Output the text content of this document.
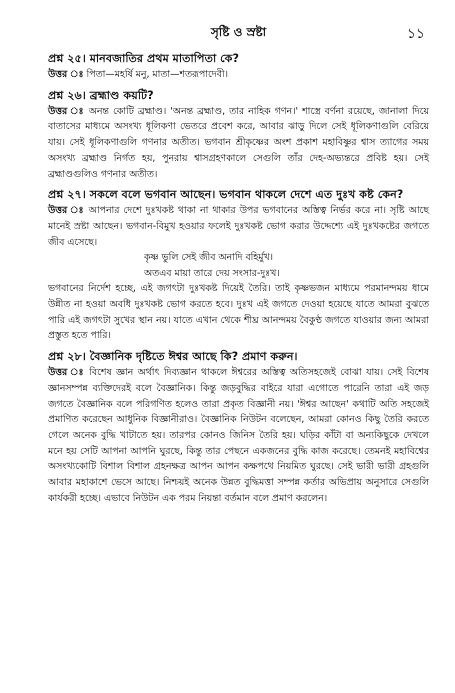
সৃষ্টি ও স্রষ্টা	১১
প্রশ্ন ২৫। মানবজাতির প্রথম মাতাপিতা কে?
উত্তর ঃ পিতা—মহর্ষি মনু, মাতা—শতরূপাদেবী।
প্রশ্ন ২৬। ব্রহ্মাণ্ড কয়টি?
উত্তর ঃ অনন্ত কোটি ব্রহ্মাণ্ড। 'অনন্ত ব্রহ্মাণ্ড, তার নাহিক গণন।' শাস্ত্রে বর্ণনা রয়েছে, জানালা দিয়ে বাতাসের মাধ্যমে অসংখ্য ধূলিকণা ভেতরে প্রবেশ করে, আবার ঝাড়ু দিলে সেই ধূলিকণাগুলি বেরিয়ে যায়। সেই ধূলিকণাগুলি গণনার অতীত। ভগবান শ্রীকৃষ্ণের অংশ প্রকাশ মহাবিষ্ণুর শ্বাস ত্যাগের সময় অসংখ্য ব্রহ্মাণ্ড নির্গত হয়, পুনরায় শ্বাসগ্রহণকালে সেগুলি তাঁর দেহ-অভ্যন্তরে প্রবিষ্ট হয়। সেই ব্রহ্মাণ্ডগুলিও গণনার অতীত।
প্রশ্ন ২৭। সকলে বলে ভগবান আছেন। ভগবান থাকলে দেশে এত দুঃখ কষ্ট কেন?
উত্তর ঃ আপনার দেশে দুঃখকষ্ট থাকা না থাকার উপর ভগবানের অস্তিত্ব নির্ভর করে না। সৃষ্টি আছে মানেই স্রষ্টা আছেন। ভগবান-বিমুখ হওয়ার ফলেই দুঃখকষ্ট ভোগ করার উদ্দেশ্যে এই দুঃখকষ্টের জগতে জীব এসেছে।
কৃষ্ণ ভুলি সেই জীব অনাদি বহির্মুখ।
অতএব মায়া তারে দেয় সংসার-দুঃখ।
ভগবানের নির্দেশ হচ্ছে, এই জগৎটা দুঃখকষ্ট দিয়েই তৈরি। তাই কৃষ্ণভজন মাধ্যমে পরমানন্দময় ধামে উন্নীত না হওয়া অবধি দুঃখকষ্ট ভোগ করতে হবে। দুঃখ এই জগতে দেওয়া হয়েছে যাতে আমরা বুঝতে পারি এই জগৎটা সুখের স্থান নয়। যাতে এখান থেকে শীঘ্র আনন্দময় বৈকুণ্ঠ জগতে যাওয়ার জন্য আমরা প্রস্তুত হতে পারি।
প্রশ্ন ২৮। বৈজ্ঞানিক দৃষ্টিতে ঈশ্বর আছে কি? প্রমাণ করুন।
উত্তর ঃ বিশেষ জ্ঞান অর্থাৎ দিব্যজ্ঞান থাকলে ঈশ্বরের অস্তিত্ব অতিসহজেই বোঝা যায়। সেই বিশেষ জ্ঞানসম্পন্ন ব্যক্তিদেরই বলে বৈজ্ঞানিক। কিন্তু জড়বুদ্ধির বাইরে যারা এগোতে পারেনি তারা এই জড় জগতে বৈজ্ঞানিক বলে পরিগণিত হলেও তারা প্রকৃত বিজ্ঞানী নয়। 'ঈশ্বর আছেন' কথাটি অতি সহজেই প্রমাণিত করেছেন আধুনিক বিজ্ঞানীরাও। বৈজ্ঞানিক নিউটন বলেছেন, আমরা কোনও কিছু তৈরি করতে গেলে অনেক বুদ্ধি খাটাতে হয়। তারপর কোনও জিনিস তৈরি হয়। ঘড়ির কাঁটা বা অন্যকিছুকে দেখলে মনে হয় সেটি আপনা আপনি ঘুরছে, কিন্তু তার পেছনে একজনের বুদ্ধি কাজ করেছে। তেমনই মহাবিশ্বের অসংখ্যকোটি বিশাল বিশাল গ্রহনক্ষত্র আপন আপন কক্ষপথে নিয়মিত ঘুরছে। সেই ভারী ভারী গ্রহগুলি আবার মহাকাশে ভেসে আছে। নিশ্চয়ই অনেক উন্নত বুদ্ধিমত্তা সম্পন্ন কর্তার অভিপ্রায় অনুসারে সেগুলি কার্যকরী হচ্ছে। এভাবে নিউটন এক পরম নিয়ন্তা বর্তমান বলে প্রমাণ করলেন।
